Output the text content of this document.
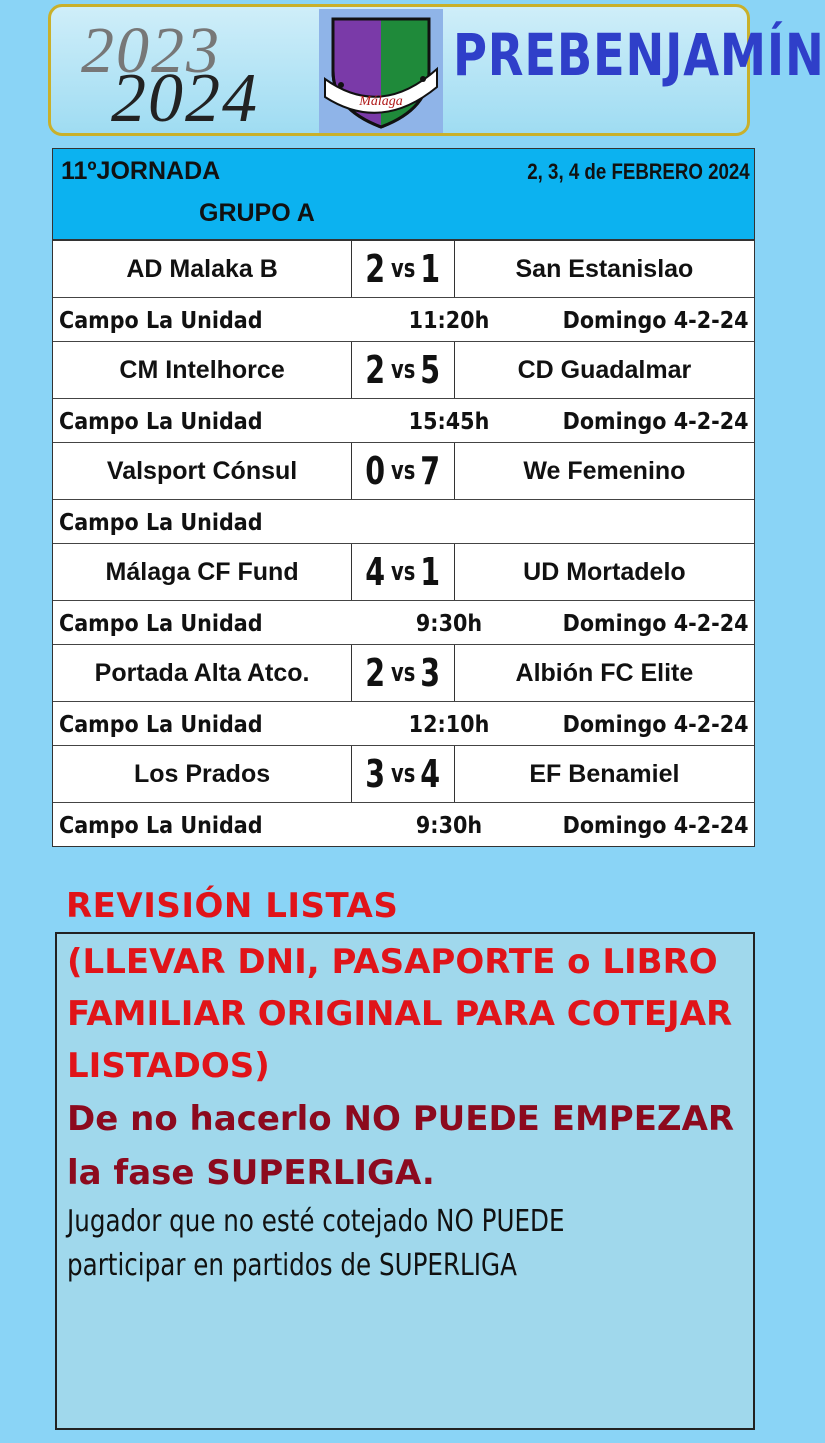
2023
2024	Málaga
PREBENJAMÍN
11ºJORNADA	2, 3, 4 de FEBRERO 2024
GRUPO A
AD Malaka B	2 vs 1	San Estanislao
Campo La Unidad	11:20h	Domingo 4-2-24
CM Intelhorce	2 vs 5	CD Guadalmar
Campo La Unidad	15:45h	Domingo 4-2-24
Valsport Cónsul	0 vs 7	We Femenino
Campo La Unidad
Málaga CF Fund	4 vs 1	UD Mortadelo
Campo La Unidad	9:30h	Domingo 4-2-24
Portada Alta Atco.	2 vs 3	Albión FC Elite
Campo La Unidad	12:10h	Domingo 4-2-24
Los Prados	3 vs 4	EF Benamiel
Campo La Unidad	9:30h	Domingo 4-2-24
REVISIÓN LISTAS
(LLEVAR DNI, PASAPORTE o LIBRO FAMILIAR ORIGINAL PARA COTEJAR LISTADOS)
De no hacerlo NO PUEDE EMPEZAR la fase SUPERLIGA.
Jugador que no esté cotejado NO PUEDE participar en partidos de SUPERLIGA
